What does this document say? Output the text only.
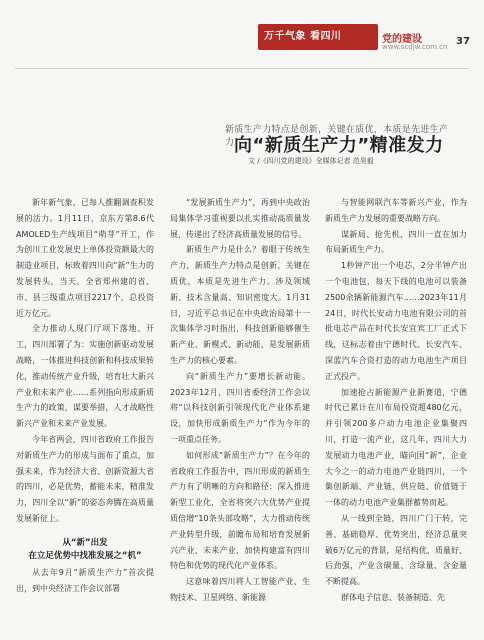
万千气象 看四川	党的建设
www.scdjw.com.cn 37
新质生产力特点是创新，关键在质优，本质是先进生产力 向“新质生产力”精准发力
文 /《四川党的建设》全媒体记者 范昊毅

新年新气象，已每人推翻调查积发展的活力。1月11日，京东方第8.6代AMOLED生产线项目“萌芽”开工，作为创川工业发展史上单体投资额最大的制造业项目，标致着四川向“新”生力的发展转头，当天，全省郑州建的省、市、县三级重点项目2217个，总投资近万亿元。

全力推动人现门厅项下落地、开工，四川部署了为：实施创新驱动发展战略，一体推进科技创新和科技成果转化，推动传统产业升级，培育壮大新兴产业和未来产业……系列指向形成新质生产力的政策，谋要举措，人才战略性新兴产业和未来产业发展。

今年省两会，四川省政府工作报告对新质生产力的形成与面布了重点，加强未来，作为经济大省、创新资源大省的四川，必是优势，蓄能未来，精准发力，四川全以“新”的姿态奔腾在高质量发展新征上。

从“新”出发
在立足优势中找准发展之“机”

从去年9月“新质生产力”首次提出，到中央经济工作会议部署

“发展新质生产力”，再到中央政治局集体学习重视要以扎实推动高质量发展，传递出了经济高质量发展的信号。

新质生产力是什么？着眼于传统生产力，新质生产力特点是创新、关键在质优，本质是先进生产力。涉及领域新、技术含量高、知识密度大。1月31日，习近平总书记在中央政治局第十一次集体学习时指出，科技创新能够催生新产业、新模式、新动能，是发展新质生产力的核心要素。

向“新质生产力”要增长新动能。2023年12月，四川省委经济工作会议将“以科技创新引领现代化产业体系建设，加快形成新质生产力”作为今年的一项重点任务。

如何形成“新质生产力”？在今年的省政府工作报告中，四川形成的新质生产力有了明晰的方向和路径：深入推进新型工业化，全省将突六大优势产业提质倍增“10条头部攻略”，大力推动传统产业转型升级，前瞻布局和培育发展新兴产业、未来产业，加快构建富有四川特色和优势的现代化产业体系。

这意味着四川将人工智能产业、生物技术、卫星网络、新能源

与智能网联汽车等新兴产业，作为新质生产力发展的重要战略方向。

谋新局、抢先机，四川一直在加力布局新质生产力。

1秒钟产出一个电芯，2分半钟产出一个电池包，每天下线的电池可以装备2500余辆新能源汽车……2023年11月24日，时代长安动力电池有限公司的首批电芯产品在时代长安宜宾工厂正式下线，这标志着由宁德时代、长安汽车、深蓝汽车合资打造的动力电池生产项目正式投产。

加速抢占新能源产业新赛道，宁德时代已累计在川布局投资超480亿元，并引领200多户动力电池企业集聚四川，打造一流产业，这几年，四川大力发展动力电池产业，瞄向国“新”，企业大今之一的动力电池产业链四川，一个集创新端、产业链、供应链、价值链于一体的动力电池产业集群蓄势而起。

从一线到全链，四川广门于转，完善、基础稳厚、优势突出，经济总量突破6万亿元的背景，是结构优、质量好、后劲强，产业含碳量、含绿量、含金量不断提高。

群体电子信息、装备制造、先
